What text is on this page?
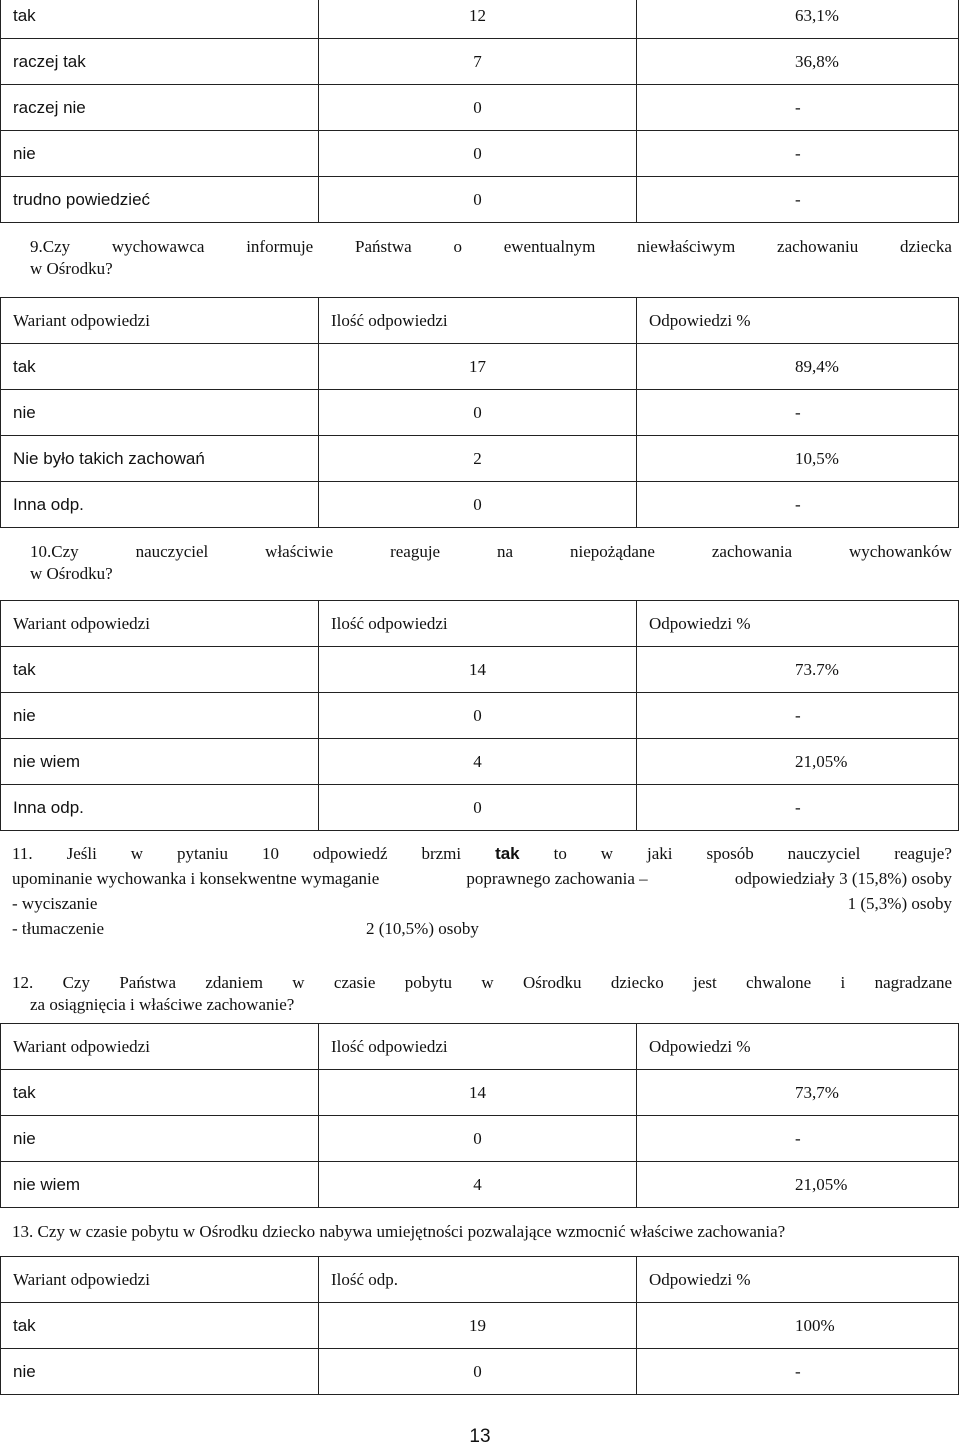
tak	12	63,1%
raczej tak	7	36,8%
raczej nie	0	-
nie	0	-
trudno powiedzieć	0	-
9.Czy wychowawca informuje Państwa o ewentualnym niewłaściwym zachowaniu dziecka
w Ośrodku?
Wariant odpowiedzi	Ilość odpowiedzi	Odpowiedzi %
tak	17	89,4%
nie	0	-
Nie było takich zachowań	2	10,5%
Inna odp.	0	-
10.Czy	nauczyciel	właściwie	reaguje	na	niepożądane	zachowania	wychowanków
w Ośrodku?
Wariant odpowiedzi	Ilość odpowiedzi	Odpowiedzi %
tak	14	73.7%
nie	0	-
nie wiem	4	21,05%
Inna odp.	0	-
11. Jeśli w pytaniu 10 odpowiedź brzmi tak to w jaki sposób nauczyciel reaguje?
upominanie wychowanka i konsekwentne wymaganie	poprawnego zachowania –	odpowiedziały 3 (15,8%) osoby
- wyciszanie	1 (5,3%) osoby
- tłumaczenie	2 (10,5%) osoby
12. Czy Państwa zdaniem w czasie pobytu w Ośrodku dziecko jest chwalone i nagradzane
za osiągnięcia i właściwe zachowanie?
Wariant odpowiedzi	Ilość odpowiedzi	Odpowiedzi %
tak	14	73,7%
nie	0	-
nie wiem	4	21,05%
13. Czy w czasie pobytu w Ośrodku dziecko nabywa umiejętności pozwalające wzmocnić właściwe zachowania?
Wariant odpowiedzi	Ilość odp.	Odpowiedzi %
tak	19	100%
nie	0	-
13
